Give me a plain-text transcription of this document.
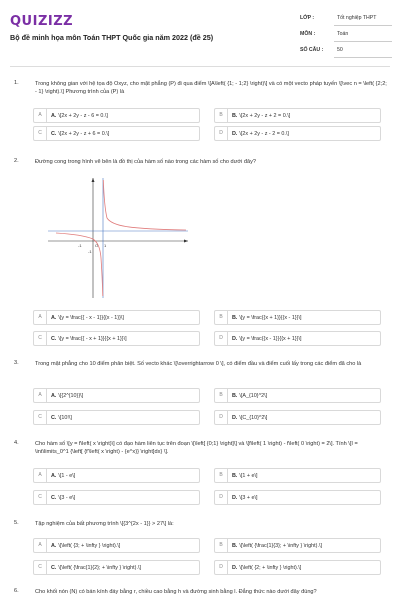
QUIZIZZ
Bộ đề minh họa môn Toán THPT Quốc gia năm 2022 (đề 25)
LỚP :	Tốt nghiệp THPT
MÔN :	Toán
SỐ CÂU :	50
1.	Trong không gian với hệ tọa độ Oxyz, cho mặt phẳng (P) đi qua điểm \[A\left( {1; - 1;2} \right)\] và có một vecto pháp tuyến \[\vec n = \left( {2;2; - 1} \right).\] Phương trình của (P) là
A	A. \[2x + 2y - z - 6 = 0.\]	B	B. \[2x + 2y - z + 2 = 0.\]
C	C. \[2x + 2y - z + 6 = 0.\]	D	D. \[2x + 2y - z - 2 = 0.\]
2.	Đường cong trong hình vẽ bên là đồ thị của hàm số nào trong các hàm số cho dưới đây?
-1	O 1
-1
A	A. \[y = \frac{{ - x - 1}}{{x - 1}}\]	B	B. \[y = \frac{{x + 1}}{{x - 1}}\]
C	C. \[y = \frac{{ - x + 1}}{{x + 1}}\]	D	D. \[y = \frac{{x - 1}}{{x + 1}}\]
3.	Trong mặt phẳng cho 10 điểm phân biệt. Số vecto khác \[\overrightarrow 0 \], có điểm đầu và điểm cuối lấy trong các điểm đã cho là
A	A. \[{2^{10}}\]	B	B. \[A_{10}^2\]
C	C. \[10!\]	D	D. \[C_{10}^2\]
4.	Cho hàm số \[y = f\left( x \right)\] có đạo hàm liên tục trên đoạn \[\left[ {0;1} \right]\] và \[f\left( 1 \right) - f\left( 0 \right) = 2\]. Tính \[I = \int\limits_0^1 {\left[ {f'\left( x \right) - {e^x}} \right]dx} \].
A	A. \[1 - e\]	B	B. \[1 + e\]
C	C. \[3 - e\]	D	D. \[3 + e\]
5.	Tập nghiệm của bất phương trình \[{3^{2x - 1}} > 27\] là:
A	A. \[\left( {3; + \infty } \right).\]	B	B. \[\left( {\frac{1}{3}; + \infty } \right).\]
C	C. \[\left( {\frac{1}{2}; + \infty } \right).\]	D	D. \[\left( {2; + \infty } \right).\]
6.	Cho khối nón (N) có bán kính đáy bằng r, chiều cao bằng h và đường sinh bằng l. Đẳng thức nào dưới đây đúng?
